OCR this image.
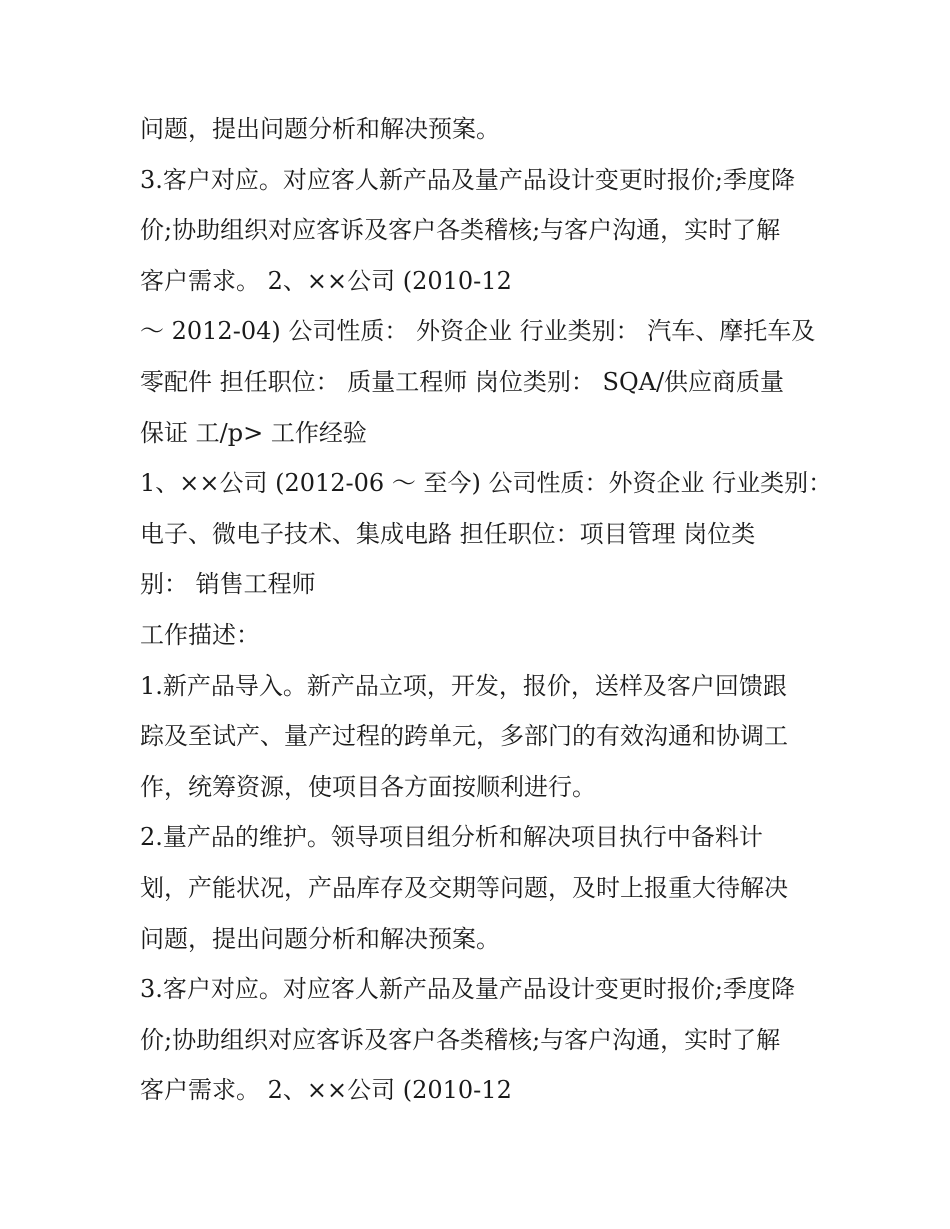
问题，提出问题分析和解决预案。
3.客户对应。对应客人新产品及量产品设计变更时报价;季度降
价;协助组织对应客诉及客户各类稽核;与客户沟通，实时了解
客户需求。 2、××公司 (2010-12
～ 2012-04) 公司性质： 外资企业 行业类别： 汽车、摩托车及
零配件 担任职位： 质量工程师 岗位类别： SQA/供应商质量
保证 工/p> 工作经验
1、××公司 (2012-06 ～ 至今) 公司性质：外资企业 行业类别：
电子、微电子技术、集成电路 担任职位：项目管理 岗位类
别： 销售工程师
工作描述：
1.新产品导入。新产品立项，开发，报价，送样及客户回馈跟
踪及至试产、量产过程的跨单元，多部门的有效沟通和协调工
作，统筹资源，使项目各方面按顺利进行。
2.量产品的维护。领导项目组分析和解决项目执行中备料计
划，产能状况，产品库存及交期等问题，及时上报重大待解决
问题，提出问题分析和解决预案。
3.客户对应。对应客人新产品及量产品设计变更时报价;季度降
价;协助组织对应客诉及客户各类稽核;与客户沟通，实时了解
客户需求。 2、××公司 (2010-12
